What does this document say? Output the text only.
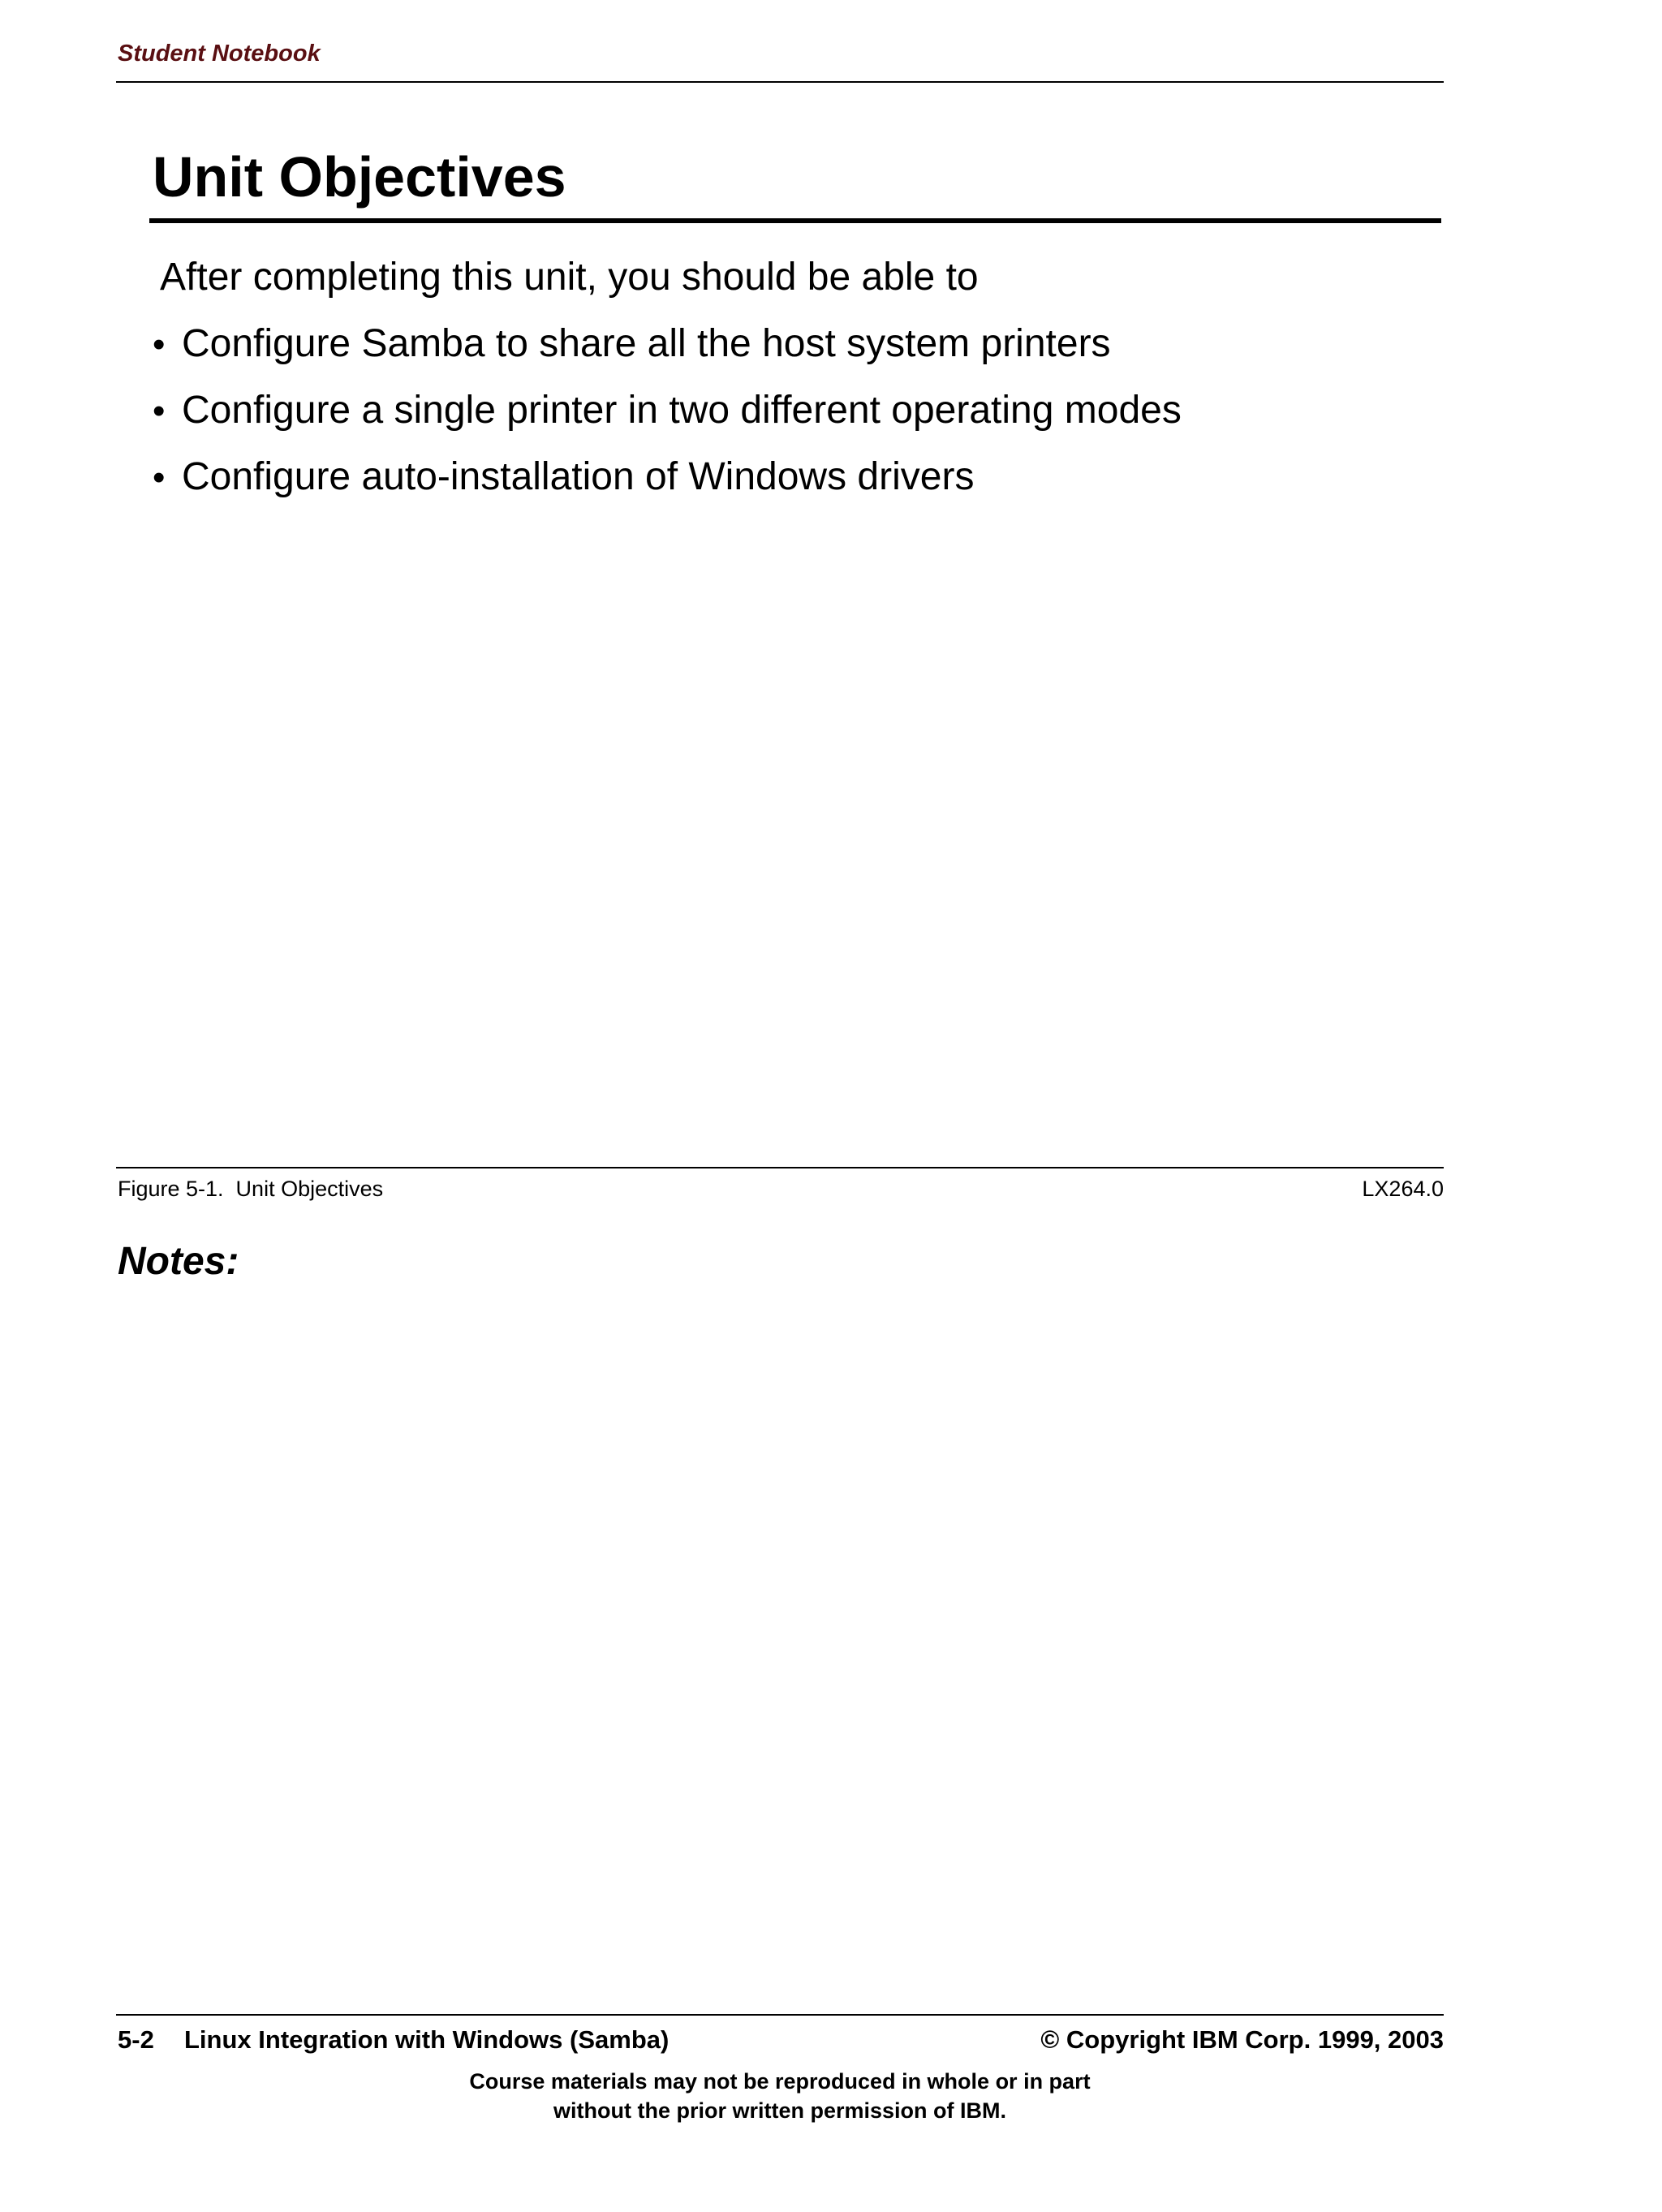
Student Notebook
Unit Objectives
After completing this unit, you should be able to
• Configure Samba to share all the host system printers
• Configure a single printer in two different operating modes
• Configure auto-installation of Windows drivers
Figure 5-1.  Unit Objectives	LX264.0
Notes:
5-2 Linux Integration with Windows (Samba)	© Copyright IBM Corp. 1999, 2003
Course materials may not be reproduced in whole or in part
without the prior written permission of IBM.
